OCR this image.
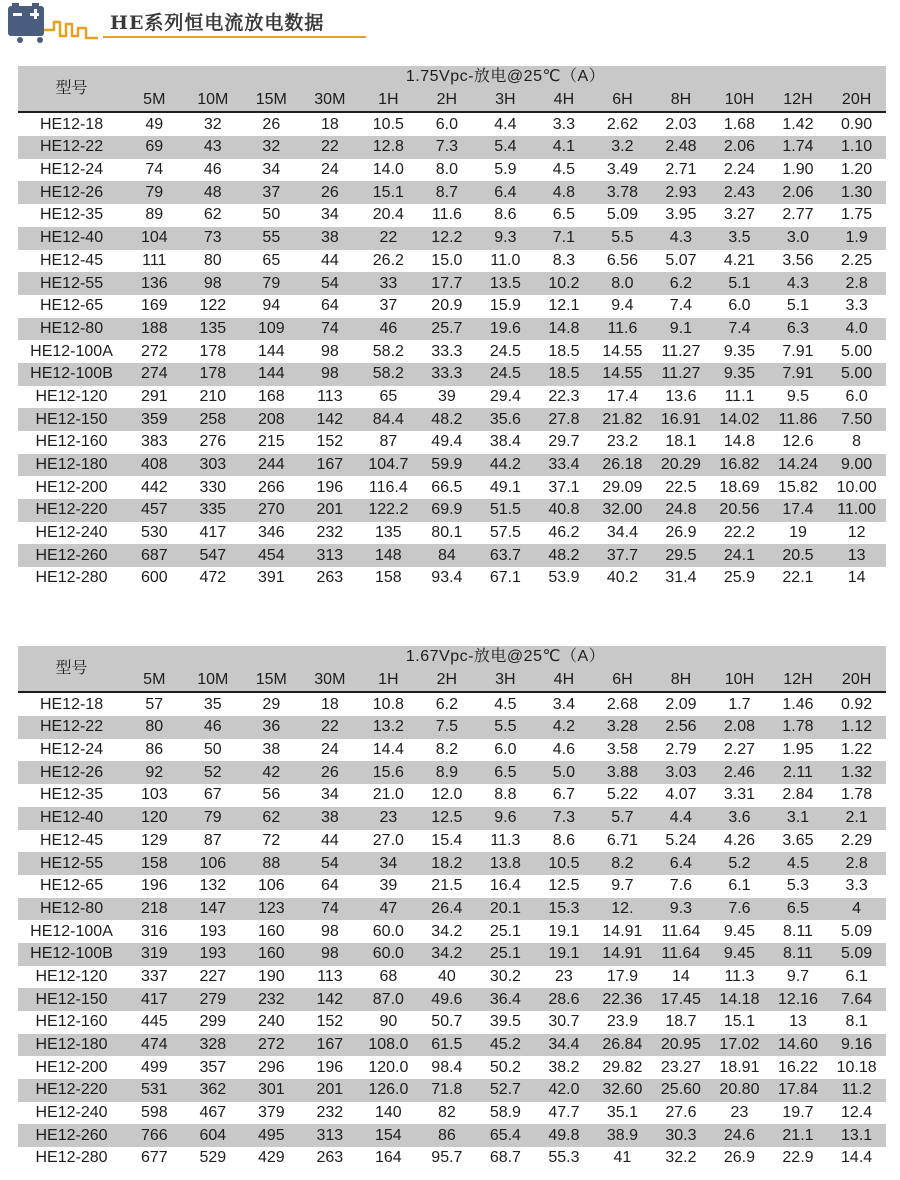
HE系列恒电流放电数据
型号	1.75Vpc-放电@25℃（A）												
	5M	10M	15M	30M	1H	2H	3H	4H	6H	8H	10H	12H	20H
HE12-18	49	32	26	18	10.5	6.0	4.4	3.3	2.62	2.03	1.68	1.42	0.90
HE12-22	69	43	32	22	12.8	7.3	5.4	4.1	3.2	2.48	2.06	1.74	1.10
HE12-24	74	46	34	24	14.0	8.0	5.9	4.5	3.49	2.71	2.24	1.90	1.20
HE12-26	79	48	37	26	15.1	8.7	6.4	4.8	3.78	2.93	2.43	2.06	1.30
HE12-35	89	62	50	34	20.4	11.6	8.6	6.5	5.09	3.95	3.27	2.77	1.75
HE12-40	104	73	55	38	22	12.2	9.3	7.1	5.5	4.3	3.5	3.0	1.9
HE12-45	111	80	65	44	26.2	15.0	11.0	8.3	6.56	5.07	4.21	3.56	2.25
HE12-55	136	98	79	54	33	17.7	13.5	10.2	8.0	6.2	5.1	4.3	2.8
HE12-65	169	122	94	64	37	20.9	15.9	12.1	9.4	7.4	6.0	5.1	3.3
HE12-80	188	135	109	74	46	25.7	19.6	14.8	11.6	9.1	7.4	6.3	4.0
HE12-100A	272	178	144	98	58.2	33.3	24.5	18.5	14.55	11.27	9.35	7.91	5.00
HE12-100B	274	178	144	98	58.2	33.3	24.5	18.5	14.55	11.27	9.35	7.91	5.00
HE12-120	291	210	168	113	65	39	29.4	22.3	17.4	13.6	11.1	9.5	6.0
HE12-150	359	258	208	142	84.4	48.2	35.6	27.8	21.82	16.91	14.02	11.86	7.50
HE12-160	383	276	215	152	87	49.4	38.4	29.7	23.2	18.1	14.8	12.6	8
HE12-180	408	303	244	167	104.7	59.9	44.2	33.4	26.18	20.29	16.82	14.24	9.00
HE12-200	442	330	266	196	116.4	66.5	49.1	37.1	29.09	22.5	18.69	15.82	10.00
HE12-220	457	335	270	201	122.2	69.9	51.5	40.8	32.00	24.8	20.56	17.4	11.00
HE12-240	530	417	346	232	135	80.1	57.5	46.2	34.4	26.9	22.2	19	12
HE12-260	687	547	454	313	148	84	63.7	48.2	37.7	29.5	24.1	20.5	13
HE12-280	600	472	391	263	158	93.4	67.1	53.9	40.2	31.4	25.9	22.1	14
型号	1.67Vpc-放电@25℃（A）												
	5M	10M	15M	30M	1H	2H	3H	4H	6H	8H	10H	12H	20H
HE12-18	57	35	29	18	10.8	6.2	4.5	3.4	2.68	2.09	1.7	1.46	0.92
HE12-22	80	46	36	22	13.2	7.5	5.5	4.2	3.28	2.56	2.08	1.78	1.12
HE12-24	86	50	38	24	14.4	8.2	6.0	4.6	3.58	2.79	2.27	1.95	1.22
HE12-26	92	52	42	26	15.6	8.9	6.5	5.0	3.88	3.03	2.46	2.11	1.32
HE12-35	103	67	56	34	21.0	12.0	8.8	6.7	5.22	4.07	3.31	2.84	1.78
HE12-40	120	79	62	38	23	12.5	9.6	7.3	5.7	4.4	3.6	3.1	2.1
HE12-45	129	87	72	44	27.0	15.4	11.3	8.6	6.71	5.24	4.26	3.65	2.29
HE12-55	158	106	88	54	34	18.2	13.8	10.5	8.2	6.4	5.2	4.5	2.8
HE12-65	196	132	106	64	39	21.5	16.4	12.5	9.7	7.6	6.1	5.3	3.3
HE12-80	218	147	123	74	47	26.4	20.1	15.3	12.	9.3	7.6	6.5	4
HE12-100A	316	193	160	98	60.0	34.2	25.1	19.1	14.91	11.64	9.45	8.11	5.09
HE12-100B	319	193	160	98	60.0	34.2	25.1	19.1	14.91	11.64	9.45	8.11	5.09
HE12-120	337	227	190	113	68	40	30.2	23	17.9	14	11.3	9.7	6.1
HE12-150	417	279	232	142	87.0	49.6	36.4	28.6	22.36	17.45	14.18	12.16	7.64
HE12-160	445	299	240	152	90	50.7	39.5	30.7	23.9	18.7	15.1	13	8.1
HE12-180	474	328	272	167	108.0	61.5	45.2	34.4	26.84	20.95	17.02	14.60	9.16
HE12-200	499	357	296	196	120.0	98.4	50.2	38.2	29.82	23.27	18.91	16.22	10.18
HE12-220	531	362	301	201	126.0	71.8	52.7	42.0	32.60	25.60	20.80	17.84	11.2
HE12-240	598	467	379	232	140	82	58.9	47.7	35.1	27.6	23	19.7	12.4
HE12-260	766	604	495	313	154	86	65.4	49.8	38.9	30.3	24.6	21.1	13.1
HE12-280	677	529	429	263	164	95.7	68.7	55.3	41	32.2	26.9	22.9	14.4
